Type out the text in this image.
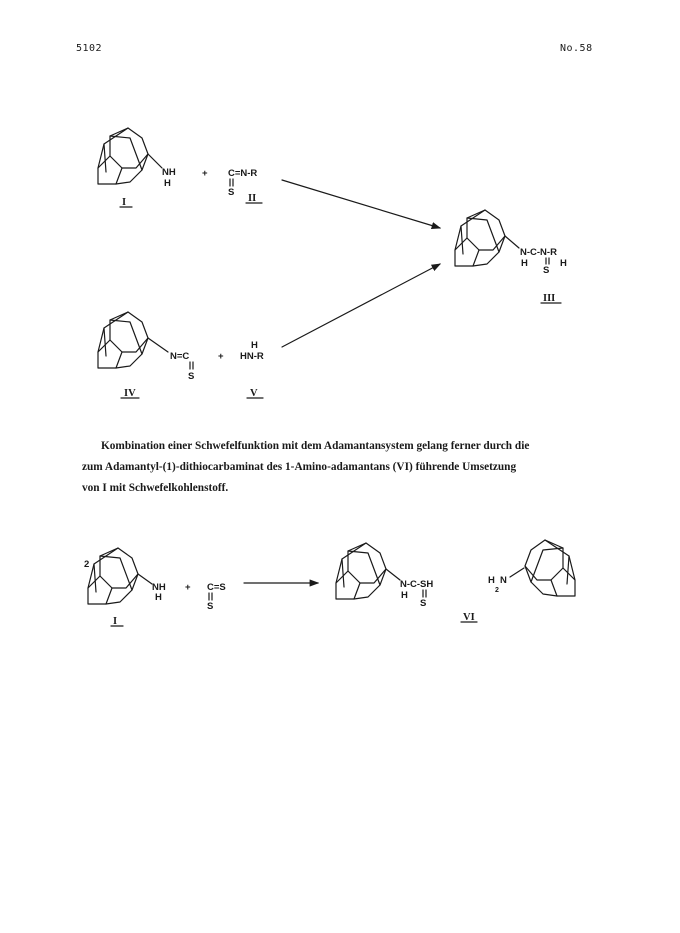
5102	No.58
NH
H
I
+ C=N-R
S
II
N-C-N-R
H
S
H
III
N=C
S
IV
+
H
HN-R
V
2
NH
H
I
+ C=S
S
N-C-SH
H
S
H
2
N
VI
Kombination einer Schwefelfunktion mit dem Adamantansystem gelang ferner durch die
zum Adamantyl-(1)-dithiocarbaminat des 1-Amino-adamantans (VI) führende Umsetzung
von I mit Schwefelkohlenstoff.
